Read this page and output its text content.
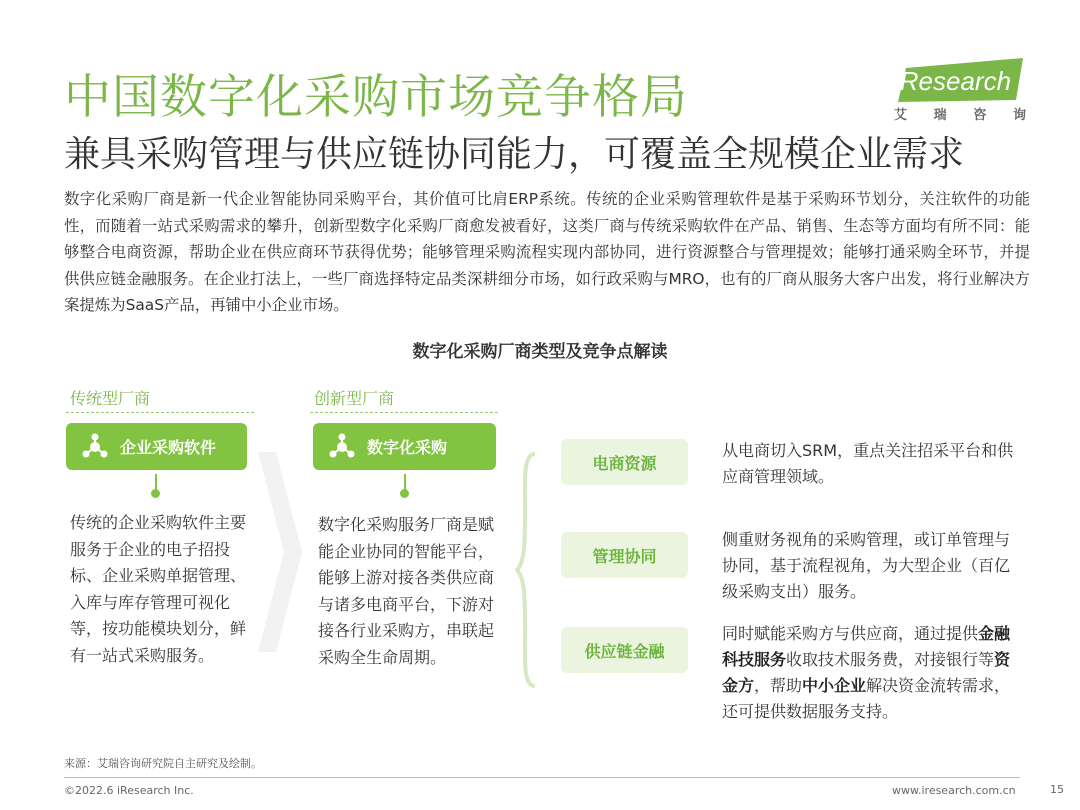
中国数字化采购市场竞争格局
兼具采购管理与供应链协同能力，可覆盖全规模企业需求
iResearch
艾 瑞 咨 询

数字化采购厂商是新一代企业智能协同采购平台，其价值可比肩ERP系统。传统的企业采购管理软件是基于采购环节划分，关注软件的功能性，而随着一站式采购需求的攀升，创新型数字化采购厂商愈发被看好，这类厂商与传统采购软件在产品、销售、生态等方面均有所不同：能够整合电商资源，帮助企业在供应商环节获得优势；能够管理采购流程实现内部协同，进行资源整合与管理提效；能够打通采购全环节，并提供供应链金融服务。在企业打法上，一些厂商选择特定品类深耕细分市场，如行政采购与MRO，也有的厂商从服务大客户出发，将行业解决方案提炼为SaaS产品，再铺中小企业市场。

数字化采购厂商类型及竞争点解读
传统型厂商
企业采购软件

传统的企业采购软件主要服务于企业的电子招投标、企业采购单据管理、入库与库存管理可视化等，按功能模块划分，鲜有一站式采购服务。

创新型厂商
数字化采购

数字化采购服务厂商是赋能企业协同的智能平台，能够上游对接各类供应商与诸多电商平台，下游对接各行业采购方，串联起采购全生命周期。

电商资源
管理协同
供应链金融

从电商切入SRM，重点关注招采平台和供应商管理领域。

侧重财务视角的采购管理，或订单管理与协同，基于流程视角，为大型企业（百亿级采购支出）服务。

同时赋能采购方与供应商，通过提供金融科技服务收取技术服务费，对接银行等资金方，帮助中小企业解决资金流转需求，还可提供数据服务支持。

来源：艾瑞咨询研究院自主研究及绘制。
©2022.6 iResearch Inc.	www.iresearch.com.cn	15
